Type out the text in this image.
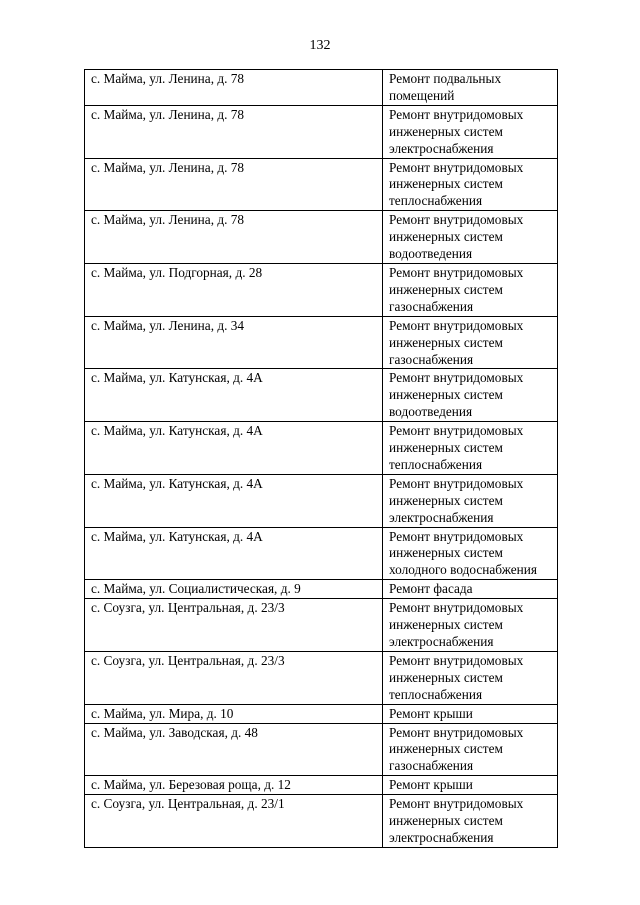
132
с. Майма, ул. Ленина, д. 78	Ремонт подвальных
помещений

с. Майма, ул. Ленина, д. 78	Ремонт внутридомовых
инженерных систем
электроснабжения

с. Майма, ул. Ленина, д. 78	Ремонт внутридомовых
инженерных систем
теплоснабжения

с. Майма, ул. Ленина, д. 78	Ремонт внутридомовых
инженерных систем
водоотведения

с. Майма, ул. Подгорная, д. 28	Ремонт внутридомовых
инженерных систем
газоснабжения

с. Майма, ул. Ленина, д. 34	Ремонт внутридомовых
инженерных систем
газоснабжения

с. Майма, ул. Катунская, д. 4А	Ремонт внутридомовых
инженерных систем
водоотведения

с. Майма, ул. Катунская, д. 4А	Ремонт внутридомовых
инженерных систем
теплоснабжения

с. Майма, ул. Катунская, д. 4А	Ремонт внутридомовых
инженерных систем
электроснабжения

с. Майма, ул. Катунская, д. 4А	Ремонт внутридомовых
инженерных систем
холодного водоснабжения

с. Майма, ул. Социалистическая, д. 9	Ремонт фасада

с. Соузга, ул. Центральная, д. 23/3	Ремонт внутридомовых
инженерных систем
электроснабжения

с. Соузга, ул. Центральная, д. 23/3	Ремонт внутридомовых
инженерных систем
теплоснабжения

с. Майма, ул. Мира, д. 10	Ремонт крыши

с. Майма, ул. Заводская, д. 48	Ремонт внутридомовых
инженерных систем
газоснабжения

с. Майма, ул. Березовая роща, д. 12	Ремонт крыши

с. Соузга, ул. Центральная, д. 23/1	Ремонт внутридомовых
инженерных систем
электроснабжения
